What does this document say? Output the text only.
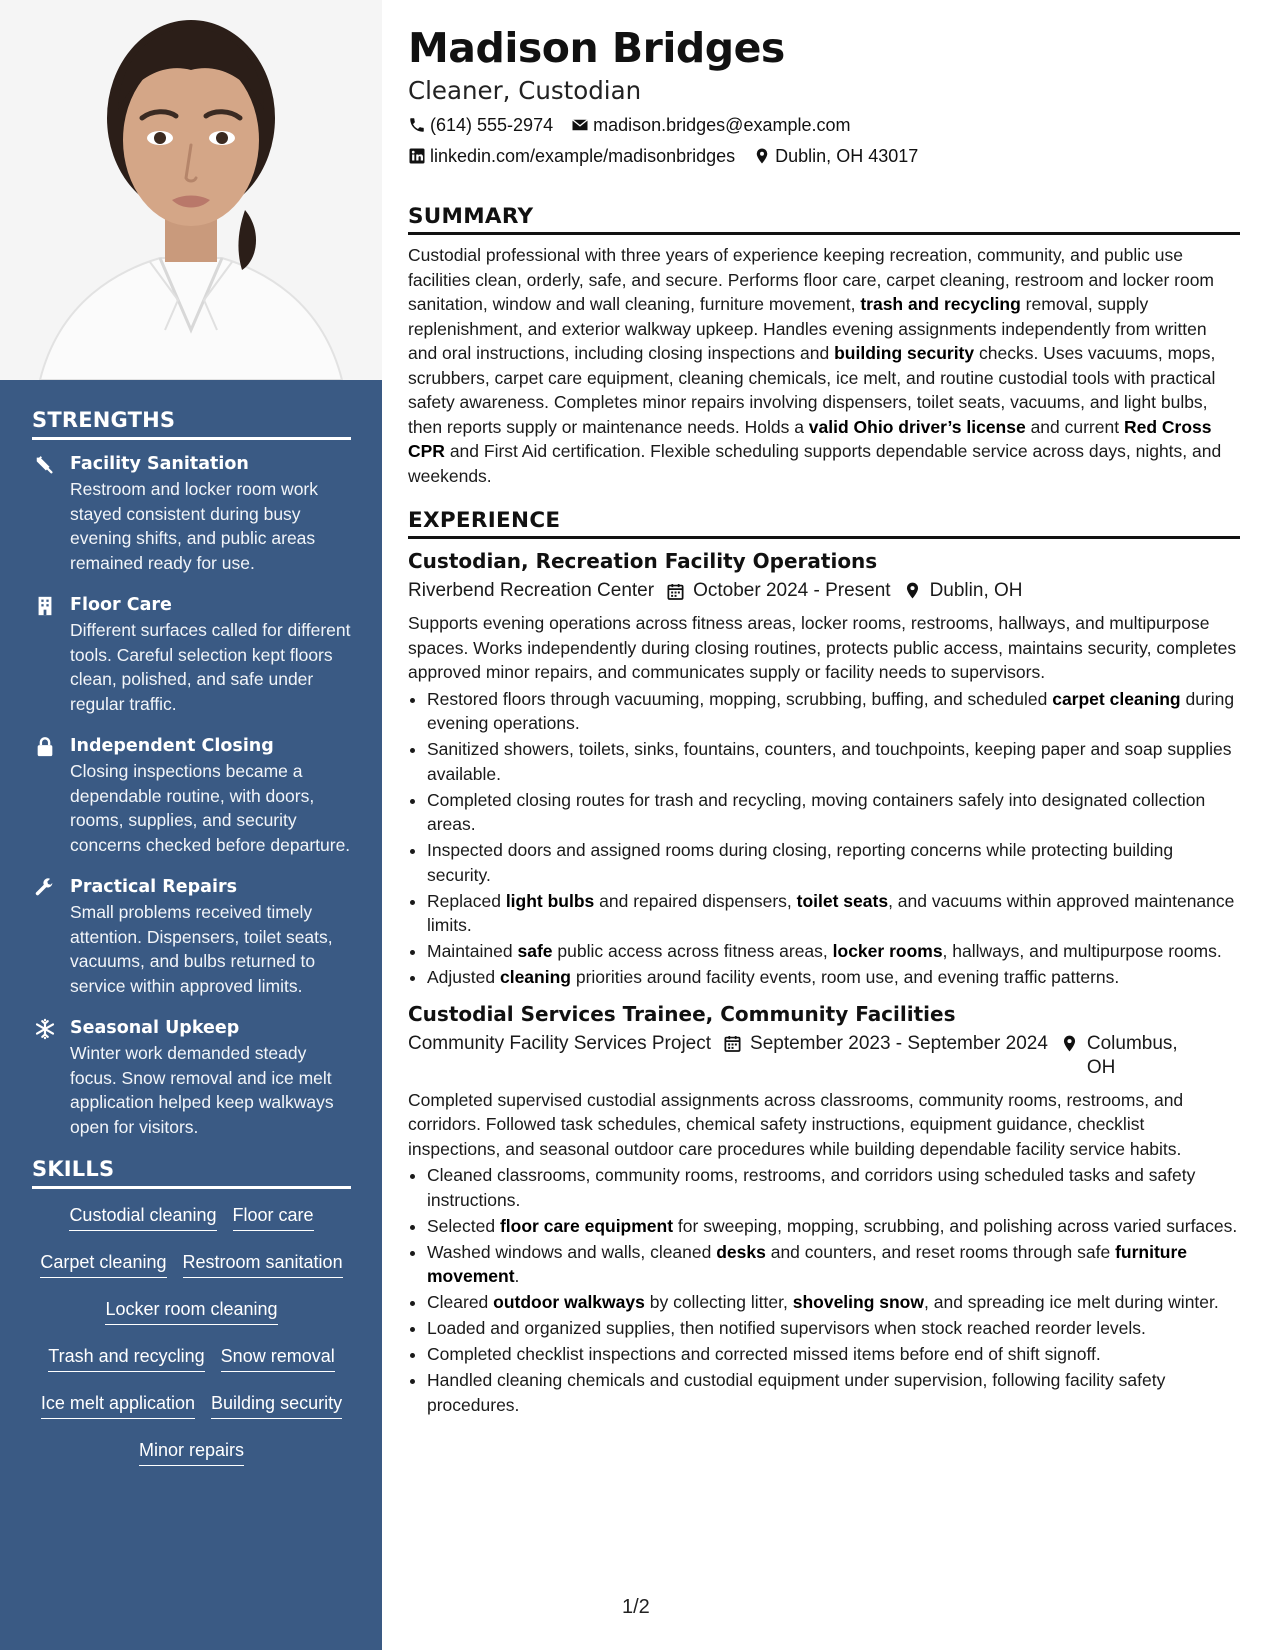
STRENGTHS
Facility Sanitation
Restroom and locker room work stayed consistent during busy evening shifts, and public areas remained ready for use.
Floor Care
Different surfaces called for different tools. Careful selection kept floors clean, polished, and safe under regular traffic.
Independent Closing
Closing inspections became a dependable routine, with doors, rooms, supplies, and security concerns checked before departure.
Practical Repairs
Small problems received timely attention. Dispensers, toilet seats, vacuums, and bulbs returned to service within approved limits.
Seasonal Upkeep
Winter work demanded steady focus. Snow removal and ice melt application helped keep walkways open for visitors.
SKILLS
Custodial cleaning Floor care
Carpet cleaning Restroom sanitation
Locker room cleaning
Trash and recycling Snow removal
Ice melt application Building security
Minor repairs
Madison Bridges
Cleaner, Custodian
(614) 555-2974 madison.bridges@example.com
linkedin.com/example/madisonbridges Dublin, OH 43017
SUMMARY

Custodial professional with three years of experience keeping recreation, community, and public use facilities clean, orderly, safe, and secure. Performs floor care, carpet cleaning, restroom and locker room sanitation, window and wall cleaning, furniture movement, trash and recycling removal, supply replenishment, and exterior walkway upkeep. Handles evening assignments independently from written and oral instructions, including closing inspections and building security checks. Uses vacuums, mops, scrubbers, carpet care equipment, cleaning chemicals, ice melt, and routine custodial tools with practical safety awareness. Completes minor repairs involving dispensers, toilet seats, vacuums, and light bulbs, then reports supply or maintenance needs. Holds a valid Ohio driver’s license and current Red Cross CPR and First Aid certification. Flexible scheduling supports dependable service across days, nights, and weekends.

EXPERIENCE
Custodian, Recreation Facility Operations
Riverbend Recreation Center October 2024 - Present Dublin, OH

Supports evening operations across fitness areas, locker rooms, restrooms, hallways, and multipurpose spaces. Works independently during closing routines, protects public access, maintains security, completes approved minor repairs, and communicates supply or facility needs to supervisors.

• Restored floors through vacuuming, mopping, scrubbing, buffing, and scheduled carpet cleaning during evening operations.
• Sanitized showers, toilets, sinks, fountains, counters, and touchpoints, keeping paper and soap supplies available.
• Completed closing routes for trash and recycling, moving containers safely into designated collection areas.
• Inspected doors and assigned rooms during closing, reporting concerns while protecting building security.
• Replaced light bulbs and repaired dispensers, toilet seats, and vacuums within approved maintenance limits.
• Maintained safe public access across fitness areas, locker rooms, hallways, and multipurpose rooms.
• Adjusted cleaning priorities around facility events, room use, and evening traffic patterns.
Custodial Services Trainee, Community Facilities
Community Facility Services Project September 2023 - September 2024 Columbus, OH

Completed supervised custodial assignments across classrooms, community rooms, restrooms, and corridors. Followed task schedules, chemical safety instructions, equipment guidance, checklist inspections, and seasonal outdoor care procedures while building dependable facility service habits.

• Cleaned classrooms, community rooms, restrooms, and corridors using scheduled tasks and safety instructions.
• Selected floor care equipment for sweeping, mopping, scrubbing, and polishing across varied surfaces.
• Washed windows and walls, cleaned desks and counters, and reset rooms through safe furniture movement.
• Cleared outdoor walkways by collecting litter, shoveling snow, and spreading ice melt during winter.
• Loaded and organized supplies, then notified supervisors when stock reached reorder levels.
• Completed checklist inspections and corrected missed items before end of shift signoff.
• Handled cleaning chemicals and custodial equipment under supervision, following facility safety procedures.
1/2
